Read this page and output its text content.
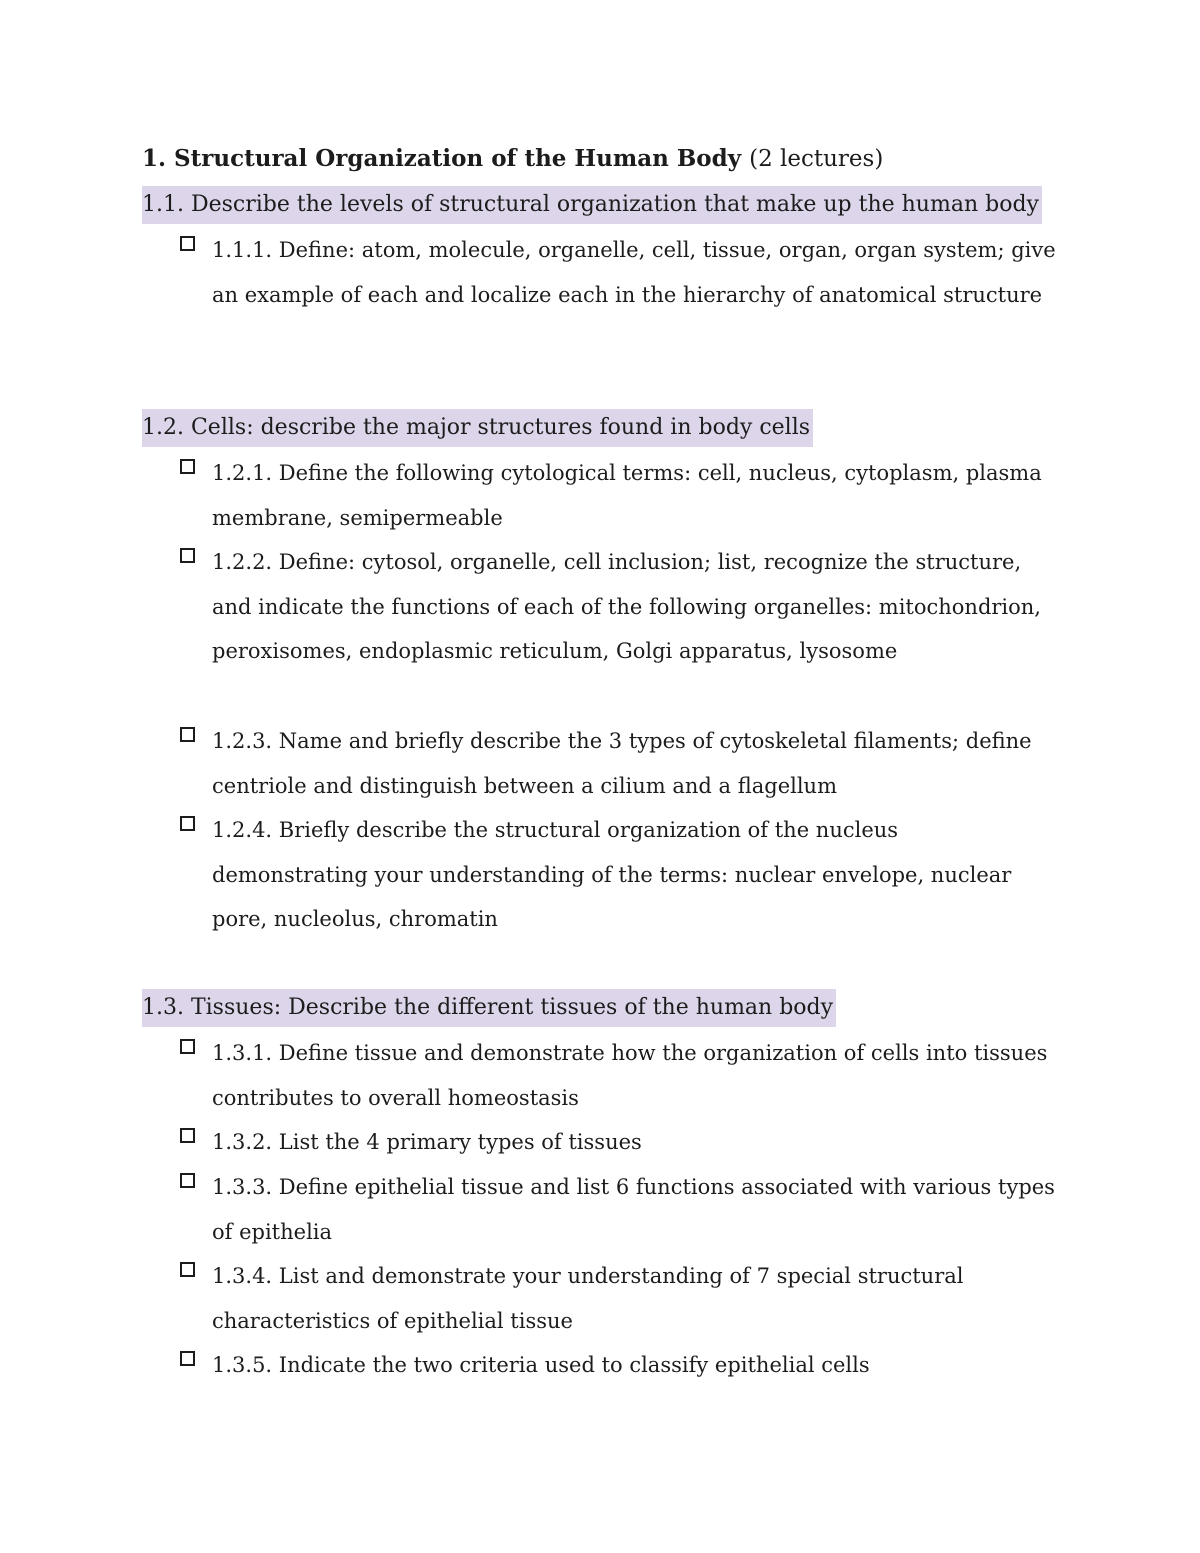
1. Structural Organization of the Human Body (2 lectures)
1.1. Describe the levels of structural organization that make up the human body
1.1.1. Define: atom, molecule, organelle, cell, tissue, organ, organ system; give an example of each and localize each in the hierarchy of anatomical structure
1.2. Cells: describe the major structures found in body cells
1.2.1. Define the following cytological terms: cell, nucleus, cytoplasm, plasma membrane, semipermeable
1.2.2. Define: cytosol, organelle, cell inclusion; list, recognize the structure, and indicate the functions of each of the following organelles: mitochondrion, peroxisomes, endoplasmic reticulum, Golgi apparatus, lysosome
1.2.3. Name and briefly describe the 3 types of cytoskeletal filaments; define centriole and distinguish between a cilium and a flagellum
1.2.4. Briefly describe the structural organization of the nucleus demonstrating your understanding of the terms: nuclear envelope, nuclear pore, nucleolus, chromatin
1.3. Tissues: Describe the different tissues of the human body
1.3.1. Define tissue and demonstrate how the organization of cells into tissues contributes to overall homeostasis
1.3.2. List the 4 primary types of tissues
1.3.3. Define epithelial tissue and list 6 functions associated with various types of epithelia
1.3.4. List and demonstrate your understanding of 7 special structural characteristics of epithelial tissue
1.3.5. Indicate the two criteria used to classify epithelial cells
